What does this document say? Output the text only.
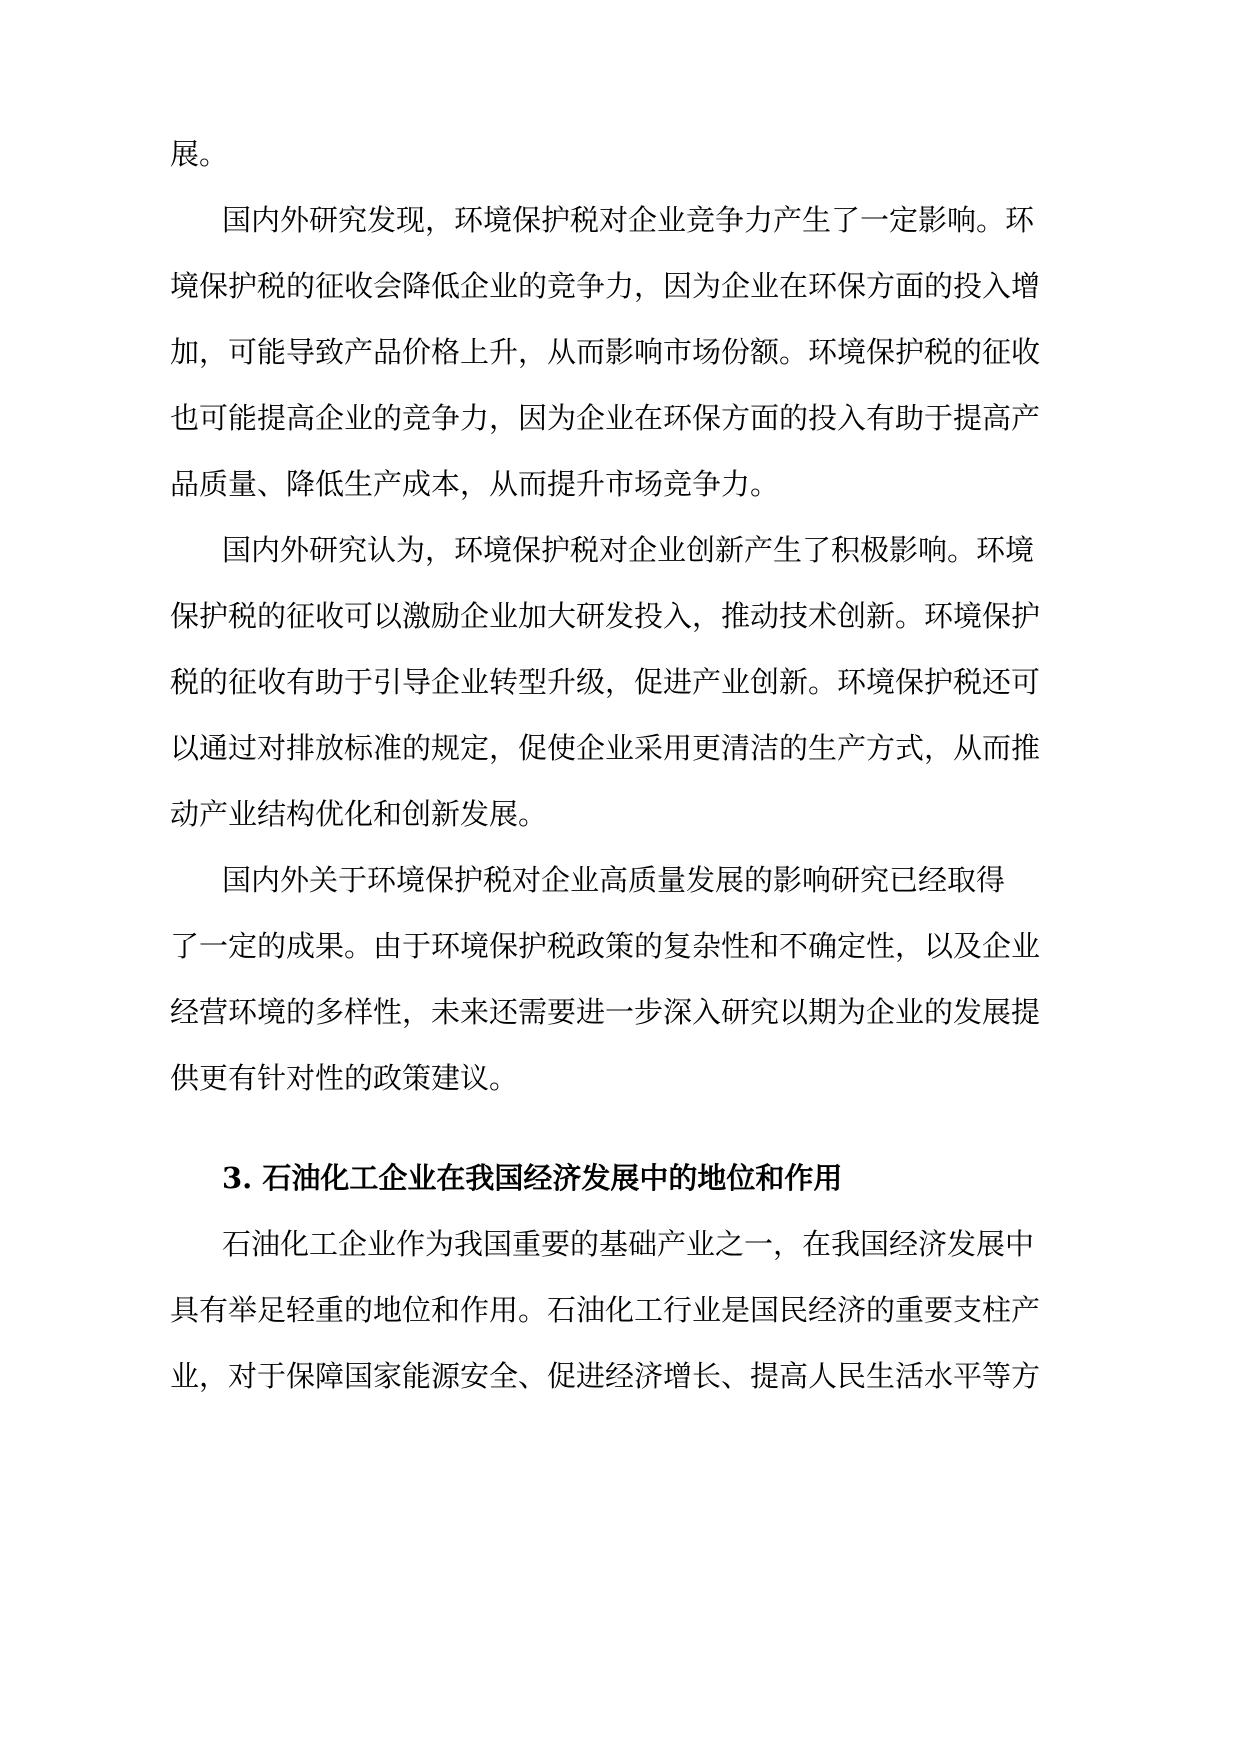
展。
国内外研究发现，环境保护税对企业竞争力产生了一定影响。环
境保护税的征收会降低企业的竞争力，因为企业在环保方面的投入增
加，可能导致产品价格上升，从而影响市场份额。环境保护税的征收
也可能提高企业的竞争力，因为企业在环保方面的投入有助于提高产
品质量、降低生产成本，从而提升市场竞争力。
国内外研究认为，环境保护税对企业创新产生了积极影响。环境
保护税的征收可以激励企业加大研发投入，推动技术创新。环境保护
税的征收有助于引导企业转型升级，促进产业创新。环境保护税还可
以通过对排放标准的规定，促使企业采用更清洁的生产方式，从而推
动产业结构优化和创新发展。
国内外关于环境保护税对企业高质量发展的影响研究已经取得
了一定的成果。由于环境保护税政策的复杂性和不确定性，以及企业
经营环境的多样性，未来还需要进一步深入研究以期为企业的发展提
供更有针对性的政策建议。
3. 石油化工企业在我国经济发展中的地位和作用
石油化工企业作为我国重要的基础产业之一，在我国经济发展中
具有举足轻重的地位和作用。石油化工行业是国民经济的重要支柱产
业，对于保障国家能源安全、促进经济增长、提高人民生活水平等方
